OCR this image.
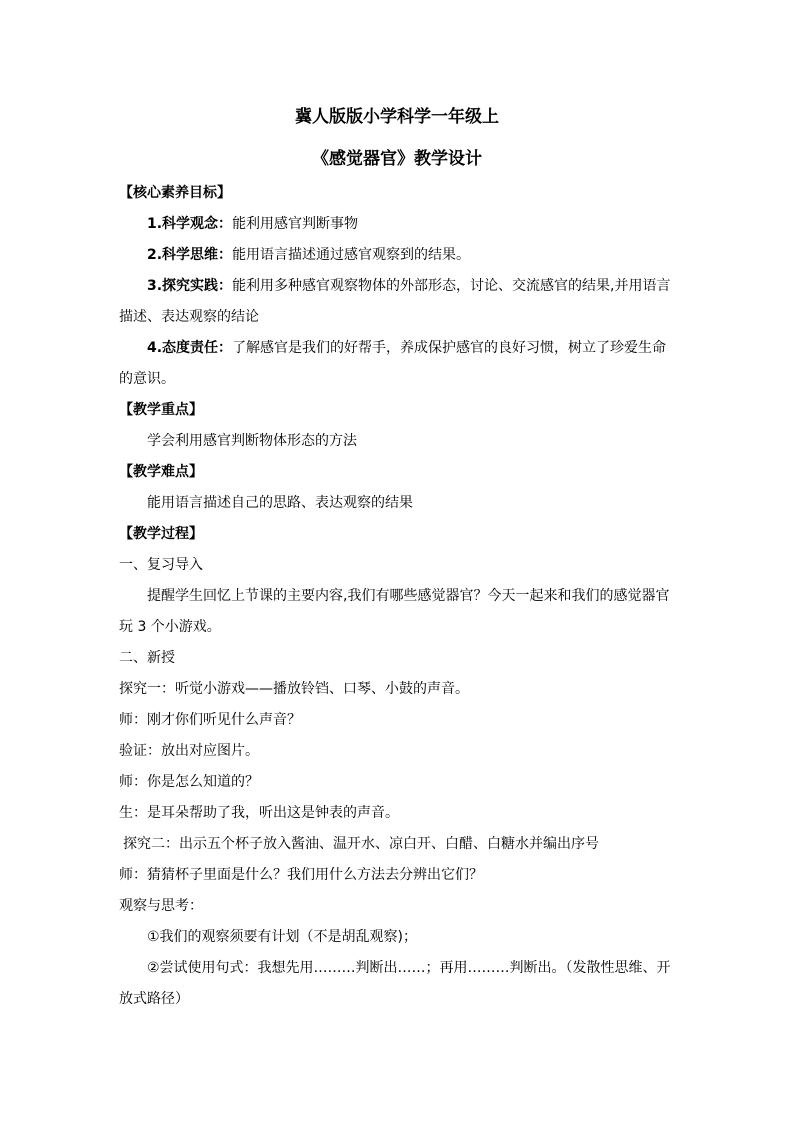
冀人版版小学科学一年级上
《感觉器官》教学设计
【核心素养目标】
1.科学观念：能利用感官判断事物
2.科学思维：能用语言描述通过感官观察到的结果。
3.探究实践：能利用多种感官观察物体的外部形态，讨论、交流感官的结果,并用语言描述、表达观察的结论
4.态度责任：了解感官是我们的好帮手，养成保护感官的良好习惯，树立了珍爱生命的意识。
【教学重点】
学会利用感官判断物体形态的方法
【教学难点】
能用语言描述自己的思路、表达观察的结果
【教学过程】
一、复习导入
提醒学生回忆上节课的主要内容,我们有哪些感觉器官？今天一起来和我们的感觉器官玩 3 个小游戏。
二、新授
探究一：听觉小游戏——播放铃铛、口琴、小鼓的声音。
师：刚才你们听见什么声音？
验证：放出对应图片。
师：你是怎么知道的？
生：是耳朵帮助了我，听出这是钟表的声音。
探究二：出示五个杯子放入酱油、温开水、凉白开、白醋、白糖水并编出序号
师：猜猜杯子里面是什么？我们用什么方法去分辨出它们？
观察与思考：
①我们的观察须要有计划（不是胡乱观察)；
②尝试使用句式：我想先用………判断出……；再用………判断出。（发散性思维、开放式路径）
